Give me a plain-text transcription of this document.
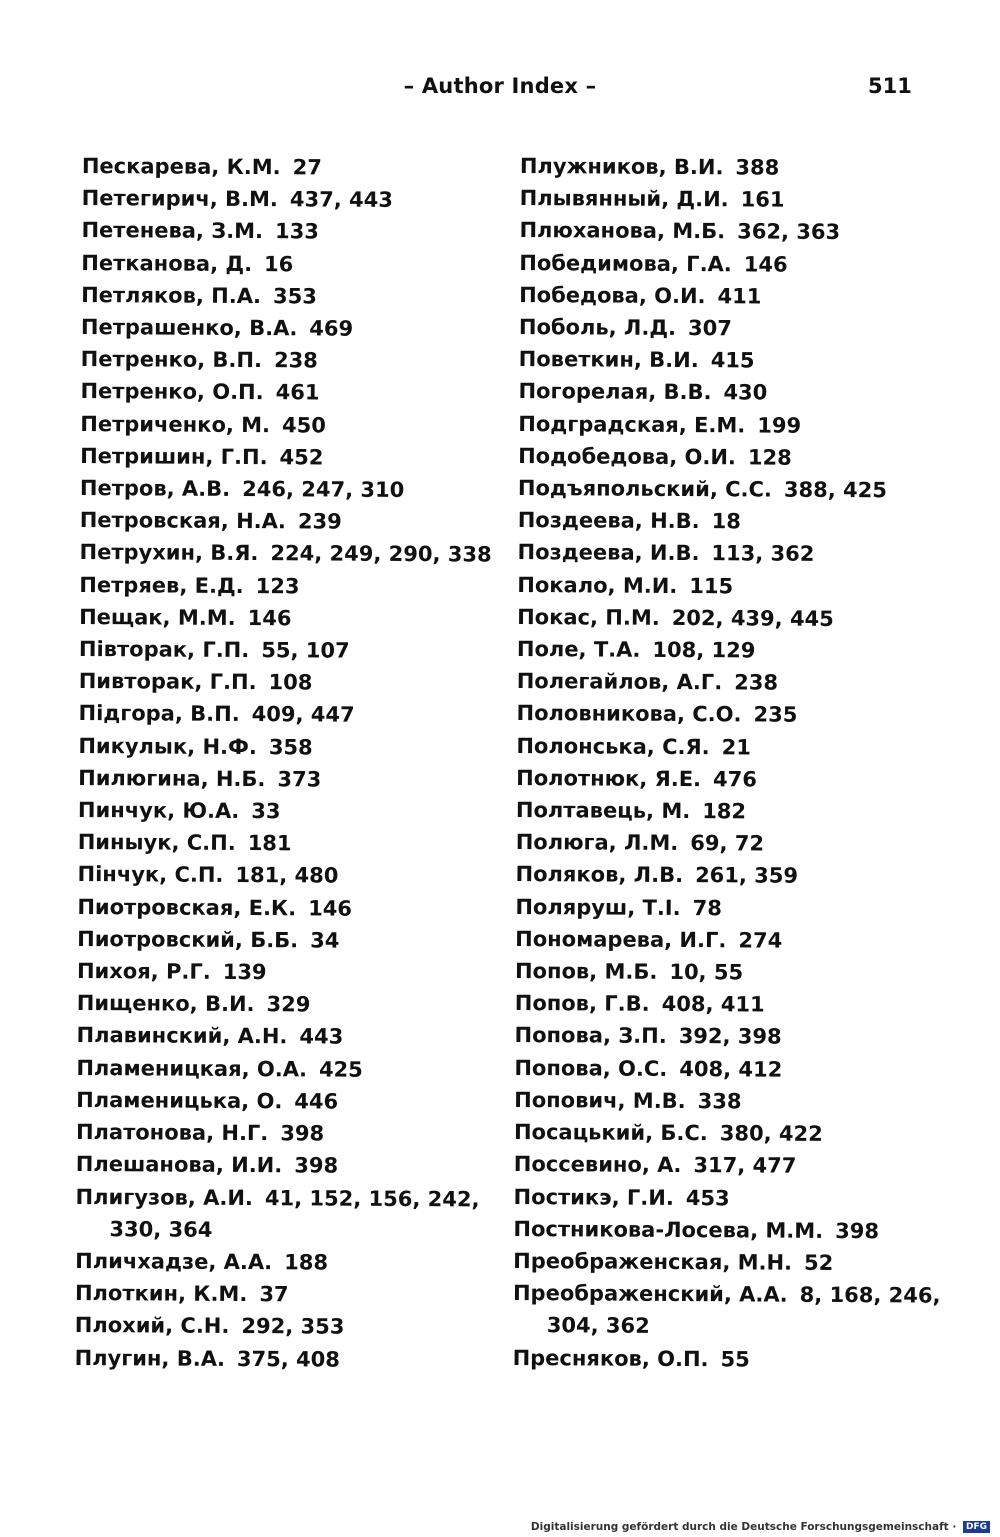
– Author Index –	511
Пескарева, К.М. 27
Петегирич, В.М. 437, 443
Петенева, З.М. 133
Петканова, Д. 16
Петляков, П.А. 353
Петрашенко, В.А. 469
Петренко, В.П. 238
Петренко, О.П. 461
Петриченко, М. 450
Петришин, Г.П. 452
Петров, А.В. 246, 247, 310
Петровская, Н.А. 239
Петрухин, В.Я. 224, 249, 290, 338
Петряев, Е.Д. 123
Пещак, М.М. 146
Півторак, Г.П. 55, 107
Пивторак, Г.П. 108
Підгора, В.П. 409, 447
Пикулык, Н.Ф. 358
Пилюгина, Н.Б. 373
Пинчук, Ю.А. 33
Пиныук, С.П. 181
Пінчук, С.П. 181, 480
Пиотровская, Е.К. 146
Пиотровский, Б.Б. 34
Пихоя, Р.Г. 139
Пищенко, В.И. 329
Плавинский, А.Н. 443
Пламеницкая, О.А. 425
Пламеницька, О. 446
Платонова, Н.Г. 398
Плешанова, И.И. 398
Плигузов, А.И. 41, 152, 156, 242, 330, 364
Пличхадзе, А.А. 188
Плоткин, К.М. 37
Плохий, С.Н. 292, 353
Плугин, В.А. 375, 408
Плужников, В.И. 388
Плывянный, Д.И. 161
Плюханова, М.Б. 362, 363
Победимова, Г.А. 146
Победова, О.И. 411
Поболь, Л.Д. 307
Поветкин, В.И. 415
Погорелая, В.В. 430
Подградская, Е.М. 199
Подобедова, О.И. 128
Подъяпольский, С.С. 388, 425
Поздеева, Н.В. 18
Поздеева, И.В. 113, 362
Покало, М.И. 115
Покас, П.М. 202, 439, 445
Поле, Т.А. 108, 129
Полегайлов, А.Г. 238
Половникова, С.О. 235
Полонська, С.Я. 21
Полотнюк, Я.Е. 476
Полтавець, М. 182
Полюга, Л.М. 69, 72
Поляков, Л.В. 261, 359
Поляруш, Т.І. 78
Пономарева, И.Г. 274
Попов, М.Б. 10, 55
Попов, Г.В. 408, 411
Попова, З.П. 392, 398
Попова, О.С. 408, 412
Попович, М.В. 338
Посацький, Б.С. 380, 422
Поссевино, А. 317, 477
Постикэ, Г.И. 453
Постникова-Лосева, М.М. 398
Преображенская, М.Н. 52
Преображенский, А.А. 8, 168, 246, 304, 362
Пресняков, О.П. 55
Digitalisierung gefördert durch die Deutsche Forschungsgemeinschaft · DFG
